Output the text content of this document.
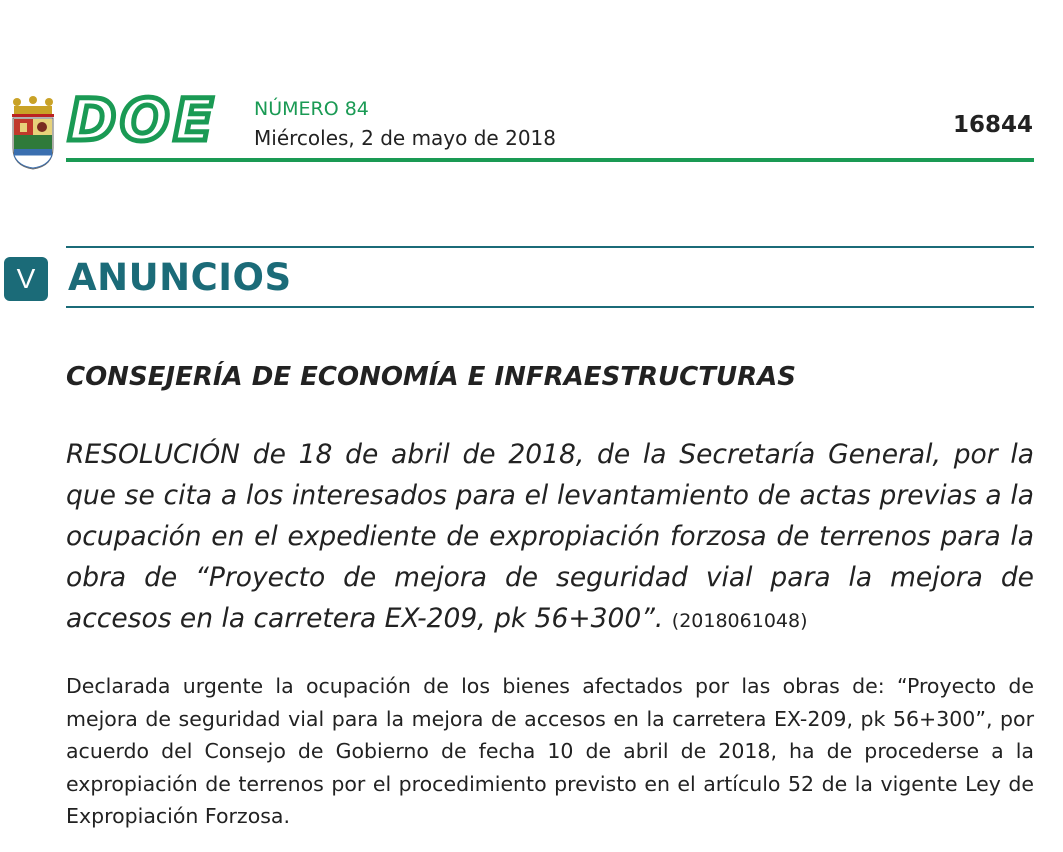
NÚMERO 84
Miércoles, 2 de mayo de 2018	16844
V ANUNCIOS
CONSEJERÍA DE ECONOMÍA E INFRAESTRUCTURAS
RESOLUCIÓN de 18 de abril de 2018, de la Secretaría General, por la que se cita a los interesados para el levantamiento de actas previas a la ocupación en el expediente de expropiación forzosa de terrenos para la obra de “Proyecto de mejora de seguridad vial para la mejora de accesos en la carretera EX-209, pk 56+300”. (2018061048)
Declarada urgente la ocupación de los bienes afectados por las obras de: “Proyecto de mejora de seguridad vial para la mejora de accesos en la carretera EX-209, pk 56+300”, por acuerdo del Consejo de Gobierno de fecha 10 de abril de 2018, ha de procederse a la expropiación de terrenos por el procedimiento previsto en el artículo 52 de la vigente Ley de Expropiación Forzosa.
